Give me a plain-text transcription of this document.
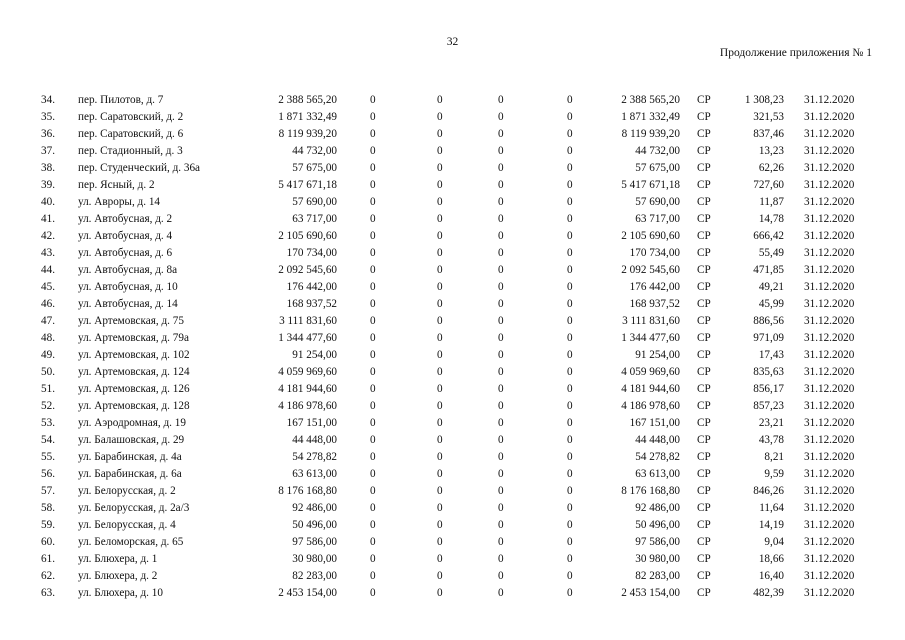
32
Продолжение приложения № 1
34. пер. Пилотов, д. 7	2 388 565,20	0	0	0	0	2 388 565,20 СР	1 308,23 31.12.2020
35. пер. Саратовский, д. 2	1 871 332,49	0	0	0	0	1 871 332,49 СР	321,53 31.12.2020
36. пер. Саратовский, д. 6	8 119 939,20	0	0	0	0	8 119 939,20 СР	837,46 31.12.2020
37. пер. Стадионный, д. 3	44 732,00	0	0	0	0	44 732,00 СР	13,23 31.12.2020
38. пер. Студенческий, д. 36а	57 675,00	0	0	0	0	57 675,00 СР	62,26 31.12.2020
39. пер. Ясный, д. 2	5 417 671,18	0	0	0	0	5 417 671,18 СР	727,60 31.12.2020
40. ул. Авроры, д. 14	57 690,00	0	0	0	0	57 690,00 СР	11,87 31.12.2020
41. ул. Автобусная, д. 2	63 717,00	0	0	0	0	63 717,00 СР	14,78 31.12.2020
42. ул. Автобусная, д. 4	2 105 690,60	0	0	0	0	2 105 690,60 СР	666,42 31.12.2020
43. ул. Автобусная, д. 6	170 734,00	0	0	0	0	170 734,00 СР	55,49 31.12.2020
44. ул. Автобусная, д. 8а	2 092 545,60	0	0	0	0	2 092 545,60 СР	471,85 31.12.2020
45. ул. Автобусная, д. 10	176 442,00	0	0	0	0	176 442,00 СР	49,21 31.12.2020
46. ул. Автобусная, д. 14	168 937,52	0	0	0	0	168 937,52 СР	45,99 31.12.2020
47. ул. Артемовская, д. 75	3 111 831,60	0	0	0	0	3 111 831,60 СР	886,56 31.12.2020
48. ул. Артемовская, д. 79а	1 344 477,60	0	0	0	0	1 344 477,60 СР	971,09 31.12.2020
49. ул. Артемовская, д. 102	91 254,00	0	0	0	0	91 254,00 СР	17,43 31.12.2020
50. ул. Артемовская, д. 124	4 059 969,60	0	0	0	0	4 059 969,60 СР	835,63 31.12.2020
51. ул. Артемовская, д. 126	4 181 944,60	0	0	0	0	4 181 944,60 СР	856,17 31.12.2020
52. ул. Артемовская, д. 128	4 186 978,60	0	0	0	0	4 186 978,60 СР	857,23 31.12.2020
53. ул. Аэродромная, д. 19	167 151,00	0	0	0	0	167 151,00 СР	23,21 31.12.2020
54. ул. Балашовская, д. 29	44 448,00	0	0	0	0	44 448,00 СР	43,78 31.12.2020
55. ул. Барабинская, д. 4а	54 278,82	0	0	0	0	54 278,82 СР	8,21 31.12.2020
56. ул. Барабинская, д. 6а	63 613,00	0	0	0	0	63 613,00 СР	9,59 31.12.2020
57. ул. Белорусская, д. 2	8 176 168,80	0	0	0	0	8 176 168,80 СР	846,26 31.12.2020
58. ул. Белорусская, д. 2а/3	92 486,00	0	0	0	0	92 486,00 СР	11,64 31.12.2020
59. ул. Белорусская, д. 4	50 496,00	0	0	0	0	50 496,00 СР	14,19 31.12.2020
60. ул. Беломорская, д. 65	97 586,00	0	0	0	0	97 586,00 СР	9,04 31.12.2020
61. ул. Блюхера, д. 1	30 980,00	0	0	0	0	30 980,00 СР	18,66 31.12.2020
62. ул. Блюхера, д. 2	82 283,00	0	0	0	0	82 283,00 СР	16,40 31.12.2020
63. ул. Блюхера, д. 10	2 453 154,00	0	0	0	0	2 453 154,00 СР	482,39 31.12.2020
